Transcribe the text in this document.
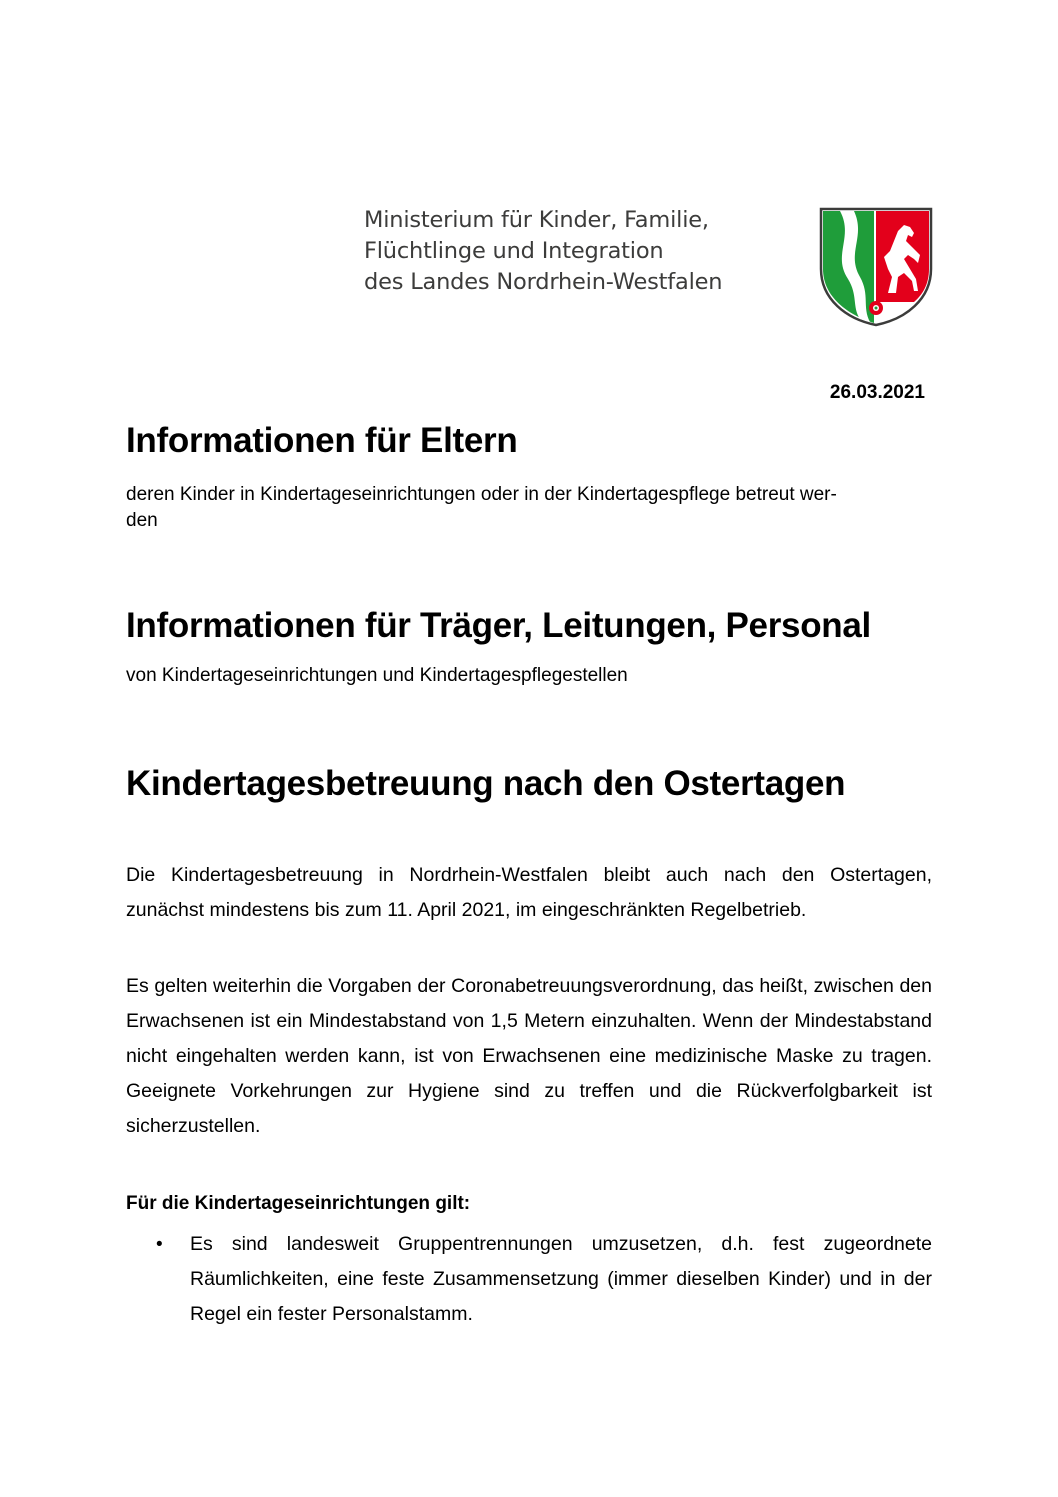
Ministerium für Kinder, Familie,
Flüchtlinge und Integration
des Landes Nordrhein-Westfalen
26.03.2021
Informationen für Eltern
deren Kinder in Kindertageseinrichtungen oder in der Kindertagespflege betreut wer-
den
Informationen für Träger, Leitungen, Personal
von Kindertageseinrichtungen und Kindertagespflegestellen
Kindertagesbetreuung nach den Ostertagen

Die Kindertagesbetreuung in Nordrhein-Westfalen bleibt auch nach den Ostertagen, zunächst mindestens bis zum 11. April 2021, im eingeschränkten Regelbetrieb.

Es gelten weiterhin die Vorgaben der Coronabetreuungsverordnung, das heißt, zwischen den Erwachsenen ist ein Mindestabstand von 1,5 Metern einzuhalten. Wenn der Mindestabstand nicht eingehalten werden kann, ist von Erwachsenen eine medizinische Maske zu tragen. Geeignete Vorkehrungen zur Hygiene sind zu treffen und die Rückverfolgbarkeit ist sicherzustellen.

Für die Kindertageseinrichtungen gilt:

•	Es sind landesweit Gruppentrennungen umzusetzen, d.h. fest zugeordnete Räumlichkeiten, eine feste Zusammensetzung (immer dieselben Kinder) und in der Regel ein fester Personalstamm.
